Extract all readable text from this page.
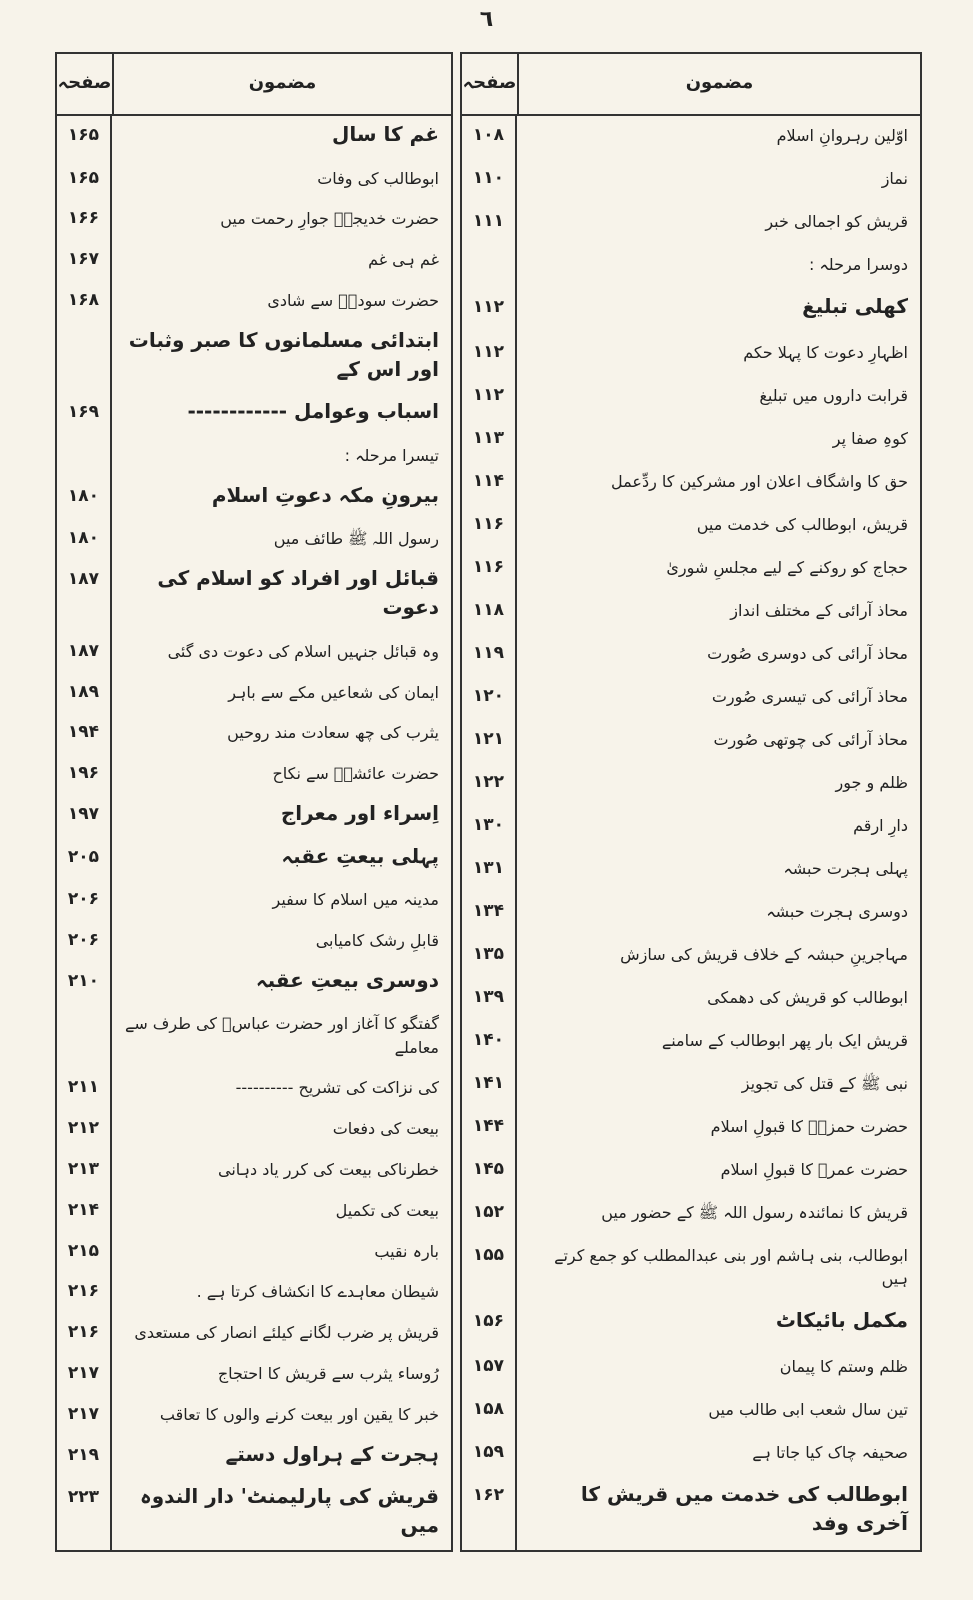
٦
صفحہ	مضمون
۱۶۵	غم کا سال
۱۶۵	ابوطالب کی وفات
۱۶۶	حضرت خدیجہؓ جوارِ رحمت میں
۱۶۷	غم ہی غم
۱۶۸	حضرت سودہؓ سے شادی
ابتدائی مسلمانوں کا صبر وثبات اور اس کے
۱۶۹	اسباب وعوامل ------------
تیسرا مرحلہ :
۱۸۰	بیرونِ مکہ دعوتِ اسلام
۱۸۰	رسول اللہ ﷺ طائف میں
۱۸۷	قبائل اور افراد کو اسلام کی دعوت
۱۸۷	وہ قبائل جنہیں اسلام کی دعوت دی گئی
۱۸۹	ایمان کی شعاعیں مکے سے باہر
۱۹۴	یثرب کی چھ سعادت مند روحیں
۱۹۶	حضرت عائشہؓ سے نکاح
۱۹۷	اِسراء اور معراج
۲۰۵	پہلی بیعتِ عقبہ
۲۰۶	مدینہ میں اسلام کا سفیر
۲۰۶	قابلِ رشک کامیابی
۲۱۰	دوسری بیعتِ عقبہ
گفتگو کا آغاز اور حضرت عباسؓ کی طرف سے معاملے
۲۱۱	کی نزاکت کی تشریح ----------
۲۱۲	بیعت کی دفعات
۲۱۳	خطرناکی بیعت کی کرر یاد دہانی
۲۱۴	بیعت کی تکمیل
۲۱۵	بارہ نقیب
۲۱۶	شیطان معاہدے کا انکشاف کرتا ہے .
۲۱۶	قریش پر ضرب لگانے کیلئے انصار کی مستعدی
۲۱۷	رُوساء یثرب سے قریش کا احتجاج
۲۱۷	خبر کا یقین اور بیعت کرنے والوں کا تعاقب
۲۱۹	ہجرت کے ہراول دستے
۲۲۳	قریش کی پارلیمنٹ' دار الندوہ میں
صفحہ	مضمون
۱۰۸	اوّلین رہروانِ اسلام
۱۱۰	نماز
۱۱۱	قریش کو اجمالی خبر
دوسرا مرحلہ :
۱۱۲	کھلی تبلیغ
۱۱۲	اظہارِ دعوت کا پہلا حکم
۱۱۲	قرابت داروں میں تبلیغ
۱۱۳	کوہِ صفا پر
۱۱۴	حق کا واشگاف اعلان اور مشرکین کا ردِّعمل
۱۱۶	قریش، ابوطالب کی خدمت میں
۱۱۶	حجاج کو روکنے کے لیے مجلسِ شوریٰ
۱۱۸	محاذ آرائی کے مختلف انداز
۱۱۹	محاذ آرائی کی دوسری صُورت
۱۲۰	محاذ آرائی کی تیسری صُورت
۱۲۱	محاذ آرائی کی چوتھی صُورت
۱۲۲	ظلم و جور
۱۳۰	دارِ ارقم
۱۳۱	پہلی ہجرت حبشہ
۱۳۴	دوسری ہجرت حبشہ
۱۳۵	مہاجرینِ حبشہ کے خلاف قریش کی سازش
۱۳۹	ابوطالب کو قریش کی دھمکی
۱۴۰	قریش ایک بار پھر ابوطالب کے سامنے
۱۴۱	نبی ﷺ کے قتل کی تجویز
۱۴۴	حضرت حمزہؓ کا قبولِ اسلام
۱۴۵	حضرت عمرؓ کا قبولِ اسلام
۱۵۲	قریش کا نمائندہ رسول اللہ ﷺ کے حضور میں
۱۵۵	ابوطالب، بنی ہاشم اور بنی عبدالمطلب کو جمع کرتے ہیں
۱۵۶	مکمل بائیکاٹ
۱۵۷	ظلم وستم کا پیمان
۱۵۸	تین سال شعب ابی طالب میں
۱۵۹	صحیفہ چاک کیا جاتا ہے
۱۶۲	ابوطالب کی خدمت میں قریش کا آخری وفد
